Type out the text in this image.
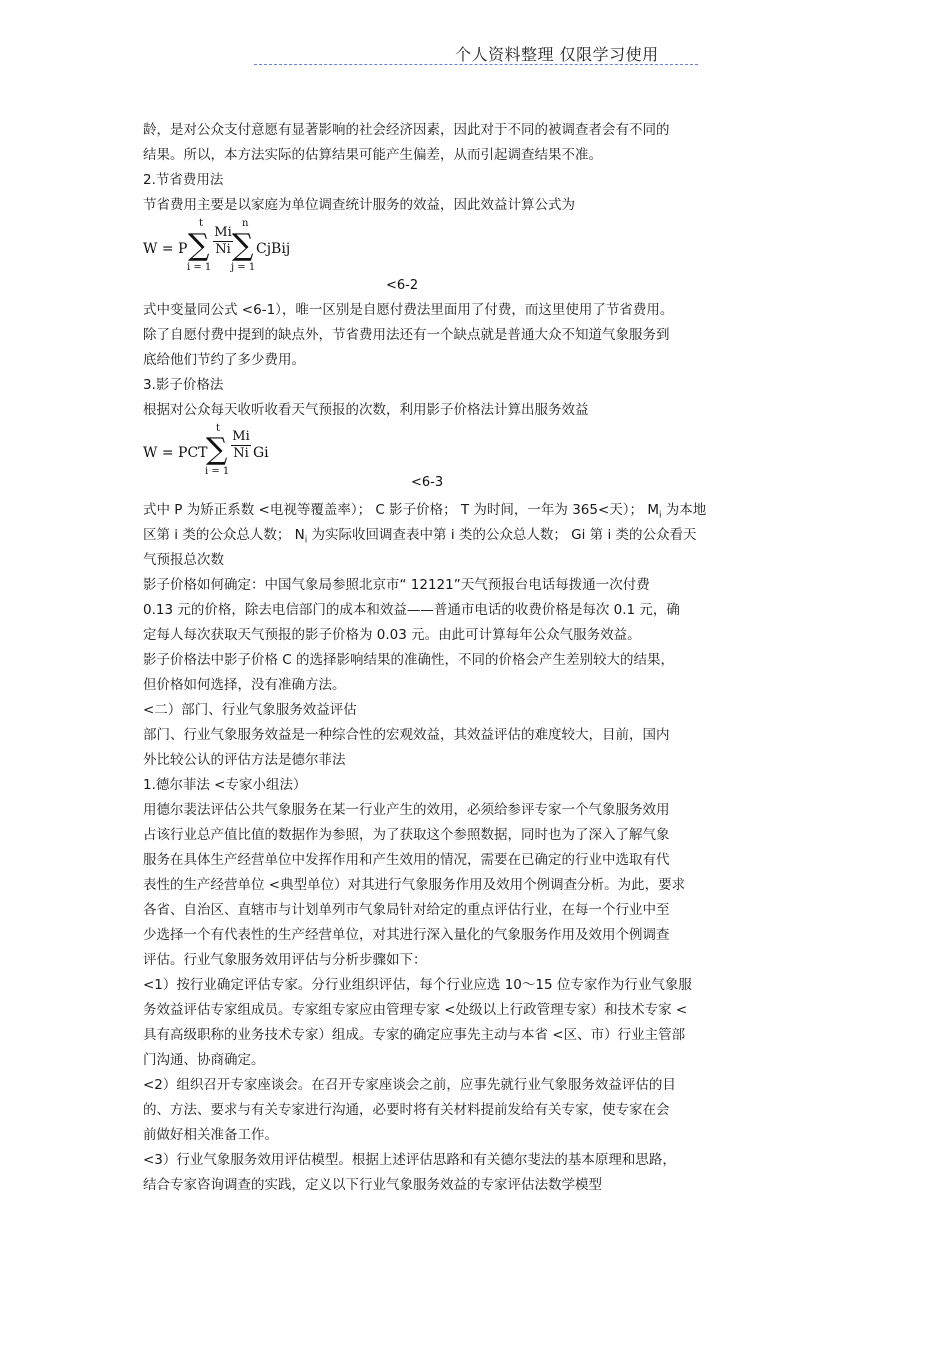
个人资料整理 仅限学习使用
龄，是对公众支付意愿有显著影响的社会经济因素，因此对于不同的被调查者会有不同的
结果。所以，本方法实际的估算结果可能产生偏差，从而引起调查结果不准。
2.节省费用法
节省费用主要是以家庭为单位调查统计服务的效益，因此效益计算公式为
W = P
t
∑
i = 1
Mi
Ni
n
∑
j = 1
CjBij
<6-2
式中变量同公式 <6-1），唯一区别是自愿付费法里面用了付费，而这里使用了节省费用。
除了自愿付费中提到的缺点外，节省费用法还有一个缺点就是普通大众不知道气象服务到
底给他们节约了多少费用。
3.影子价格法
根据对公众每天收听收看天气预报的次数，利用影子价格法计算出服务效益
W = PCT
t
∑
i = 1
Mi
Ni Gi
<6-3
式中 P 为矫正系数 <电视等覆盖率）； C 影子价格； T 为时间，一年为 365<天）； $M_i$ 为本地
区第 i 类的公众总人数； $N_i$ 为实际收回调查表中第 i 类的公众总人数； Gi 第 i 类的公众看天
气预报总次数
影子价格如何确定：中国气象局参照北京市“ 12121”天气预报台电话每拨通一次付费
0.13 元的价格，除去电信部门的成本和效益——普通市电话的收费价格是每次 0.1 元，确
定每人每次获取天气预报的影子价格为 0.03 元。由此可计算每年公众气服务效益。
影子价格法中影子价格 C 的选择影响结果的准确性，不同的价格会产生差别较大的结果，
但价格如何选择，没有准确方法。
<二）部门、行业气象服务效益评估
部门、行业气象服务效益是一种综合性的宏观效益，其效益评估的难度较大，目前，国内
外比较公认的评估方法是德尔菲法
1.德尔菲法 <专家小组法）
用德尔裴法评估公共气象服务在某一行业产生的效用，必须给参评专家一个气象服务效用
占该行业总产值比值的数据作为参照，为了获取这个参照数据，同时也为了深入了解气象
服务在具体生产经营单位中发挥作用和产生效用的情况，需要在已确定的行业中选取有代
表性的生产经营单位 <典型单位）对其进行气象服务作用及效用个例调查分析。为此，要求
各省、自治区、直辖市与计划单列市气象局针对给定的重点评估行业，在每一个行业中至
少选择一个有代表性的生产经营单位，对其进行深入量化的气象服务作用及效用个例调查
评估。行业气象服务效用评估与分析步骤如下：
<1）按行业确定评估专家。分行业组织评估，每个行业应选 10～15 位专家作为行业气象服
务效益评估专家组成员。专家组专家应由管理专家 <处级以上行政管理专家）和技术专家 <
具有高级职称的业务技术专家）组成。专家的确定应事先主动与本省 <区、市）行业主管部
门沟通、协商确定。
<2）组织召开专家座谈会。在召开专家座谈会之前，应事先就行业气象服务效益评估的目
的、方法、要求与有关专家进行沟通，必要时将有关材料提前发给有关专家，使专家在会
前做好相关准备工作。
<3）行业气象服务效用评估模型。根据上述评估思路和有关德尔斐法的基本原理和思路，
结合专家咨询调查的实践，定义以下行业气象服务效益的专家评估法数学模型
